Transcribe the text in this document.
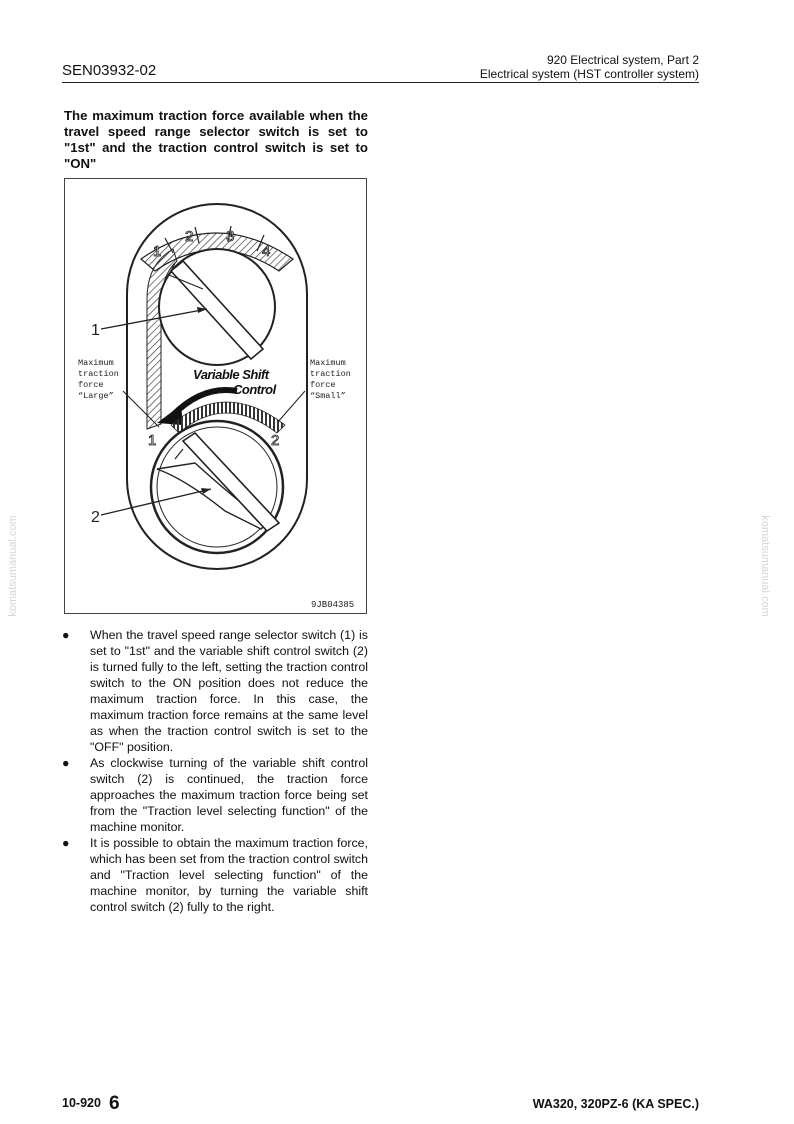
SEN03932-02
920 Electrical system, Part 2
Electrical system (HST controller system)
The maximum traction force available when the travel speed range selector switch is set to "1st" and the traction control switch is set to "ON"
1
2 3
4
1
Maximum
traction
force
“Large”
Maximum
traction
force
“Small”
Variable Shift
Control
1	2
2
9JB04385
● When the travel speed range selector switch (1) is set to "1st" and the variable shift control switch (2) is turned fully to the left, setting the traction control switch to the ON position does not reduce the maximum traction force. In this case, the maximum traction force remains at the same level as when the traction control switch is set to the "OFF" position.
● As clockwise turning of the variable shift control switch (2) is continued, the traction force approaches the maximum traction force being set from the "Traction level selecting function" of the machine monitor.
● It is possible to obtain the maximum traction force, which has been set from the traction control switch and "Traction level selecting function" of the machine monitor, by turning the variable shift control switch (2) fully to the right.
10-920 6	WA320, 320PZ-6 (KA SPEC.)
komatsumanual.com	komatsumanual.com
